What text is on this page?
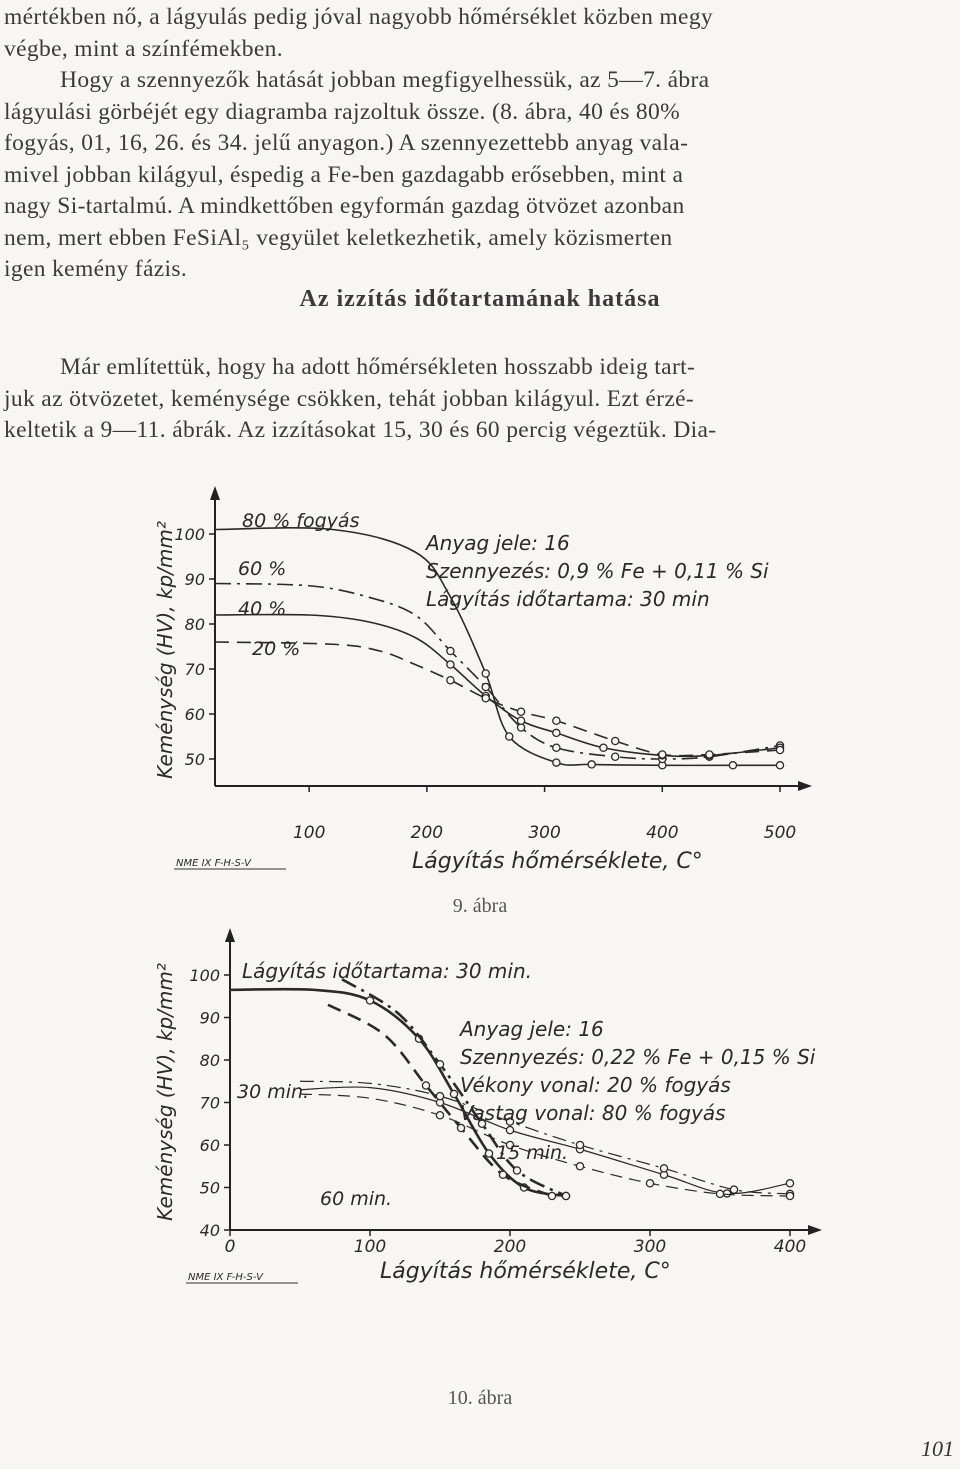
mértékben nő, a lágyulás pedig jóval nagyobb hőmérséklet közben megy
végbe, mint a színfémekben.
Hogy a szennyezők hatását jobban megfigyelhessük, az 5—7. ábra
lágyulási görbéjét egy diagramba rajzoltuk össze. (8. ábra, 40 és 80%
fogyás, 01, 16, 26. és 34. jelű anyagon.) A szennyezettebb anyag vala-
mivel jobban kilágyul, éspedig a Fe-ben gazdagabb erősebben, mint a
nagy Si-tartalmú. A mindkettőben egyformán gazdag ötvözet azonban
nem, mert ebben FeSiAl₅ vegyület keletkezhetik, amely közismerten
igen kemény fázis.
Az izzítás időtartamának hatása
Már említettük, hogy ha adott hőmérsékleten hosszabb ideig tart-
juk az ötvözetet, keménysége csökken, tehát jobban kilágyul. Ezt érzé-
keltetik a 9—11. ábrák. Az izzításokat 15, 30 és 60 percig végeztük. Dia-
100
90
80
70
60
50
100	200	300	400	500
Lágyítás hőmérséklete, C°
Keménység (HV), kp/mm²
NME IX F-H-S-V
9. ábra
Anyag jele: 16
Szennyezés: 0,9 % Fe + 0,11 % Si
Lágyítás időtartama: 30 min
80 % fogyás
60 %
40 %
20 %
100
90
80
70
60
50
40
0	100	200	300	400
Lágyítás hőmérséklete, C°
Keménység (HV), kp/mm²
NME IX F-H-S-V
10. ábra
Lágyítás időtartama: 30 min.
Anyag jele: 16
Szennyezés: 0,22 % Fe + 0,15 % Si
Vékony vonal: 20 % fogyás
Vastag vonal: 80 % fogyás
30 min.
15 min.
60 min.
101
